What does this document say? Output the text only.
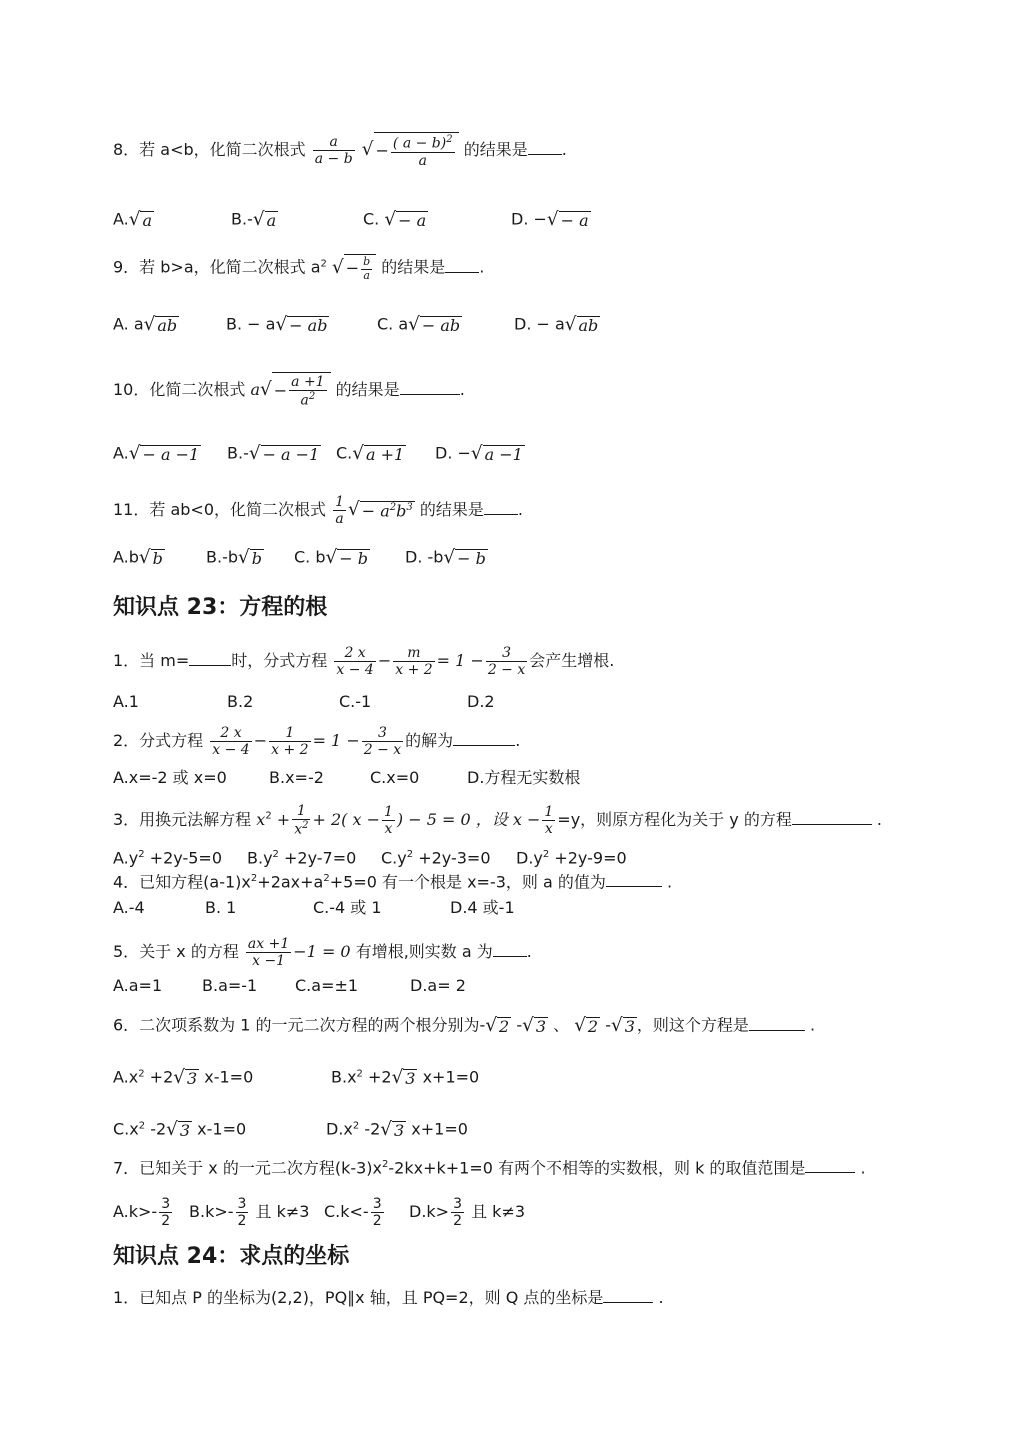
8．若 a<b，化简二次根式 $\frac{a}{a - b}$ √ − $\frac{( a - b)^2}{a}$ 的结果是 .
A.√ a	B.-√ a	C. √ − a	D. −√ − a
9．若 b>a，化简二次根式 $a^2$ √ − $\frac{b}{a}$ 的结果是 .
A. a√ ab	B. − a√ − ab	C. a√ − ab	D. − a√ ab
10．化简二次根式 $a√ - \frac{a +1}{a^2}$ 的结果是	.
A.√ − a −1 B.-√ − a −1 C.√ a +1 D. −√ a −1
11．若 ab<0，化简二次根式 $\frac{1}{a}$ √ − $a^2b^3$ 的结果是 .
A.b√ b	B.-b√ b C. b√ − b D. -b√ − b
知识点 23：方程的根
1．当 m=	时，分式方程 $\frac{2 x}{x - 4} - \frac{m}{x + 2} = 1 - \frac{3}{2 - x}$ 会产生增根.
A.1	B.2	C.-1	D.2
2．分式方程 $\frac{2 x}{x - 4} - \frac{1}{x + 2} = 1 - \frac{3}{2 - x}$ 的解为	.
A.x=-2 或 x=0	B.x=-2	C.x=0	D.方程无实数根
3．用换元法解方程 $x^2 + \frac{1}{x^2} + 2$( $x - \frac{1}{x}$ ) − 5 = 0 ，设 $x - \frac{1}{x} =y$，则原方程化为关于 y 的方程	.
$A.y^2 +2y-5=0$ $B.y^2 +2y-7=0$ $C.y^2 +2y-3=0$ $D.y^2 +2y-9=0$
4．已知方程$(a-1)x^2+2ax+a^2+5=0$ 有一个根是 x=-3，则 a 的值为	.
A.-4	B. 1	C.-4 或 1	D.4 或-1
5．关于 x 的方程 $\frac{ax +1}{x -1} -1 = 0$ 有增根,则实数 a 为 .
A.a=1 B.a=-1 C.a=±1	D.a= 2
6．二次项系数为 1 的一元二次方程的两个根分别为-√ 2 -√ 3 、 √ 2 -√ 3 ，则这个方程是	.
$A.x^2 +2√$ 3 x-1=0	$B.x^2 +2√$ 3 x+1=0
$C.x^2$ -2√ 3 x-1=0	$D.x^2$ -2√ 3 x+1=0
7．已知关于 x 的一元二次方程$(k-3)x^2-2kx+k+1=0$ 有两个不相等的实数根，则 k 的取值范围是	.
$A.k>- \frac{3}{2} B.k>- \frac{3}{2}$ 且 k≠3 $C.k<- \frac{3}{2} D.k> \frac{3}{2}$ 且 k≠3
知识点 24：求点的坐标
1．已知点 P 的坐标为(2,2)，PQ∥x 轴，且 PQ=2，则 Q 点的坐标是	.
